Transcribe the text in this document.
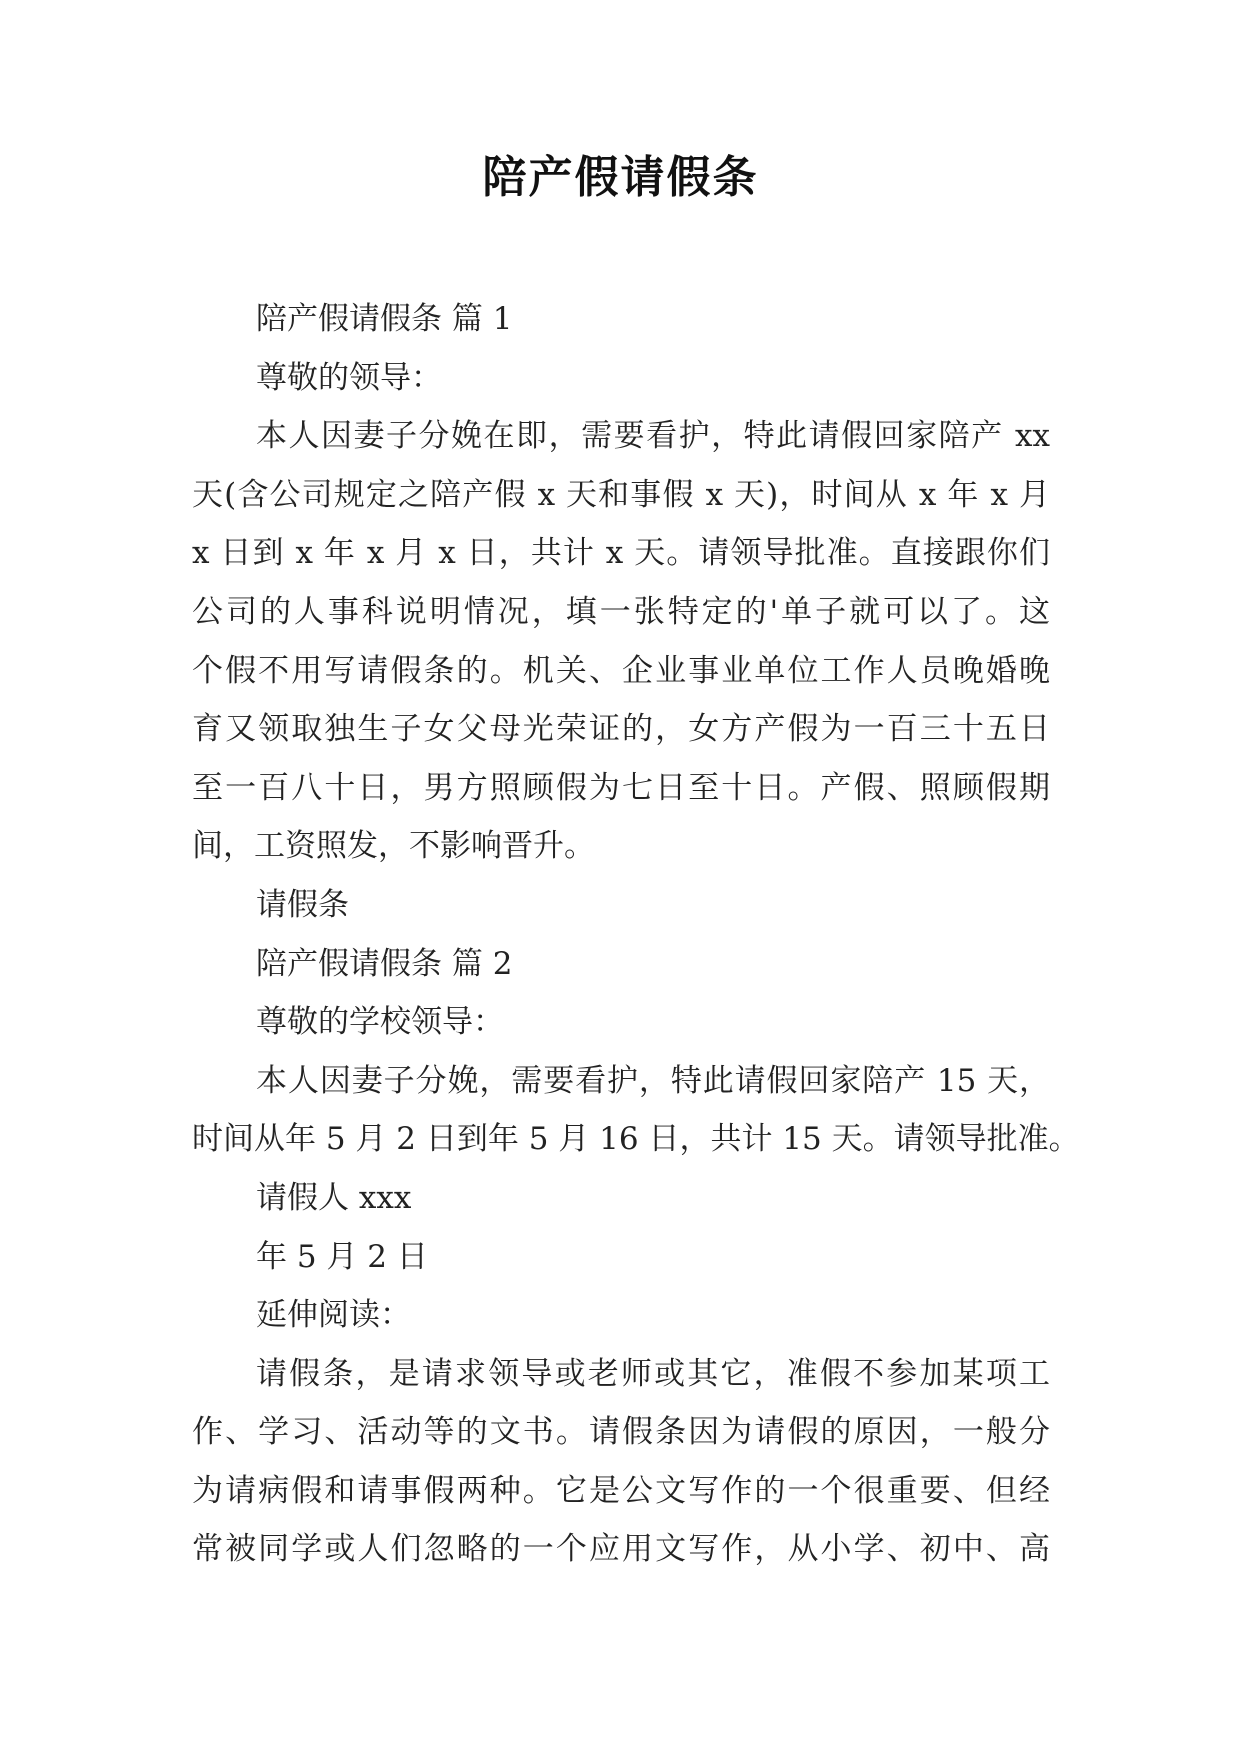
陪产假请假条
陪产假请假条 篇 1
尊敬的领导：
本人因妻子分娩在即，需要看护，特此请假回家陪产 xx
天(含公司规定之陪产假 x 天和事假 x 天)，时间从 x 年 x 月
x 日到 x 年 x 月 x 日，共计 x 天。请领导批准。直接跟你们
公司的人事科说明情况，填一张特定的'单子就可以了。这
个假不用写请假条的。机关、企业事业单位工作人员晚婚晚
育又领取独生子女父母光荣证的，女方产假为一百三十五日
至一百八十日，男方照顾假为七日至十日。产假、照顾假期
间，工资照发，不影响晋升。
请假条
陪产假请假条 篇 2
尊敬的学校领导：
本人因妻子分娩，需要看护，特此请假回家陪产 15 天，
时间从年 5 月 2 日到年 5 月 16 日，共计 15 天。请领导批准。
请假人 xxx
年 5 月 2 日
延伸阅读：
请假条，是请求领导或老师或其它，准假不参加某项工
作、学习、活动等的文书。请假条因为请假的原因，一般分
为请病假和请事假两种。它是公文写作的一个很重要、但经
常被同学或人们忽略的一个应用文写作，从小学、初中、高
